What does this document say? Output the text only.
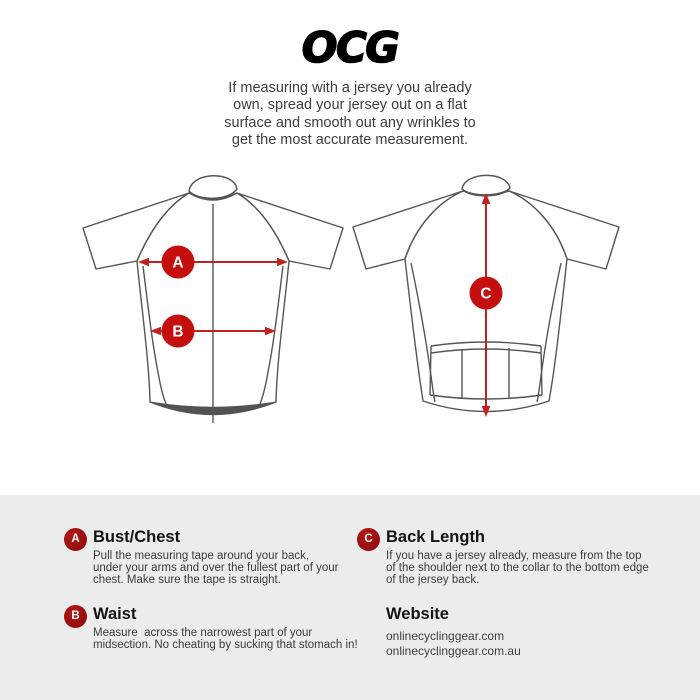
OCG
If measuring with a jersey you already
own, spread your jersey out on a flat
surface and smooth out any wrinkles to
get the most accurate measurement.
A
B
C
A Bust/Chest
Pull the measuring tape around your back,
under your arms and over the fullest part of your
chest. Make sure the tape is straight.
B Waist
Measure  across the narrowest part of your
midsection. No cheating by sucking that stomach in!
C Back Length
If you have a jersey already, measure from the top
of the shoulder next to the collar to the bottom edge
of the jersey back.
Website
onlinecyclinggear.com
onlinecyclinggear.com.au
